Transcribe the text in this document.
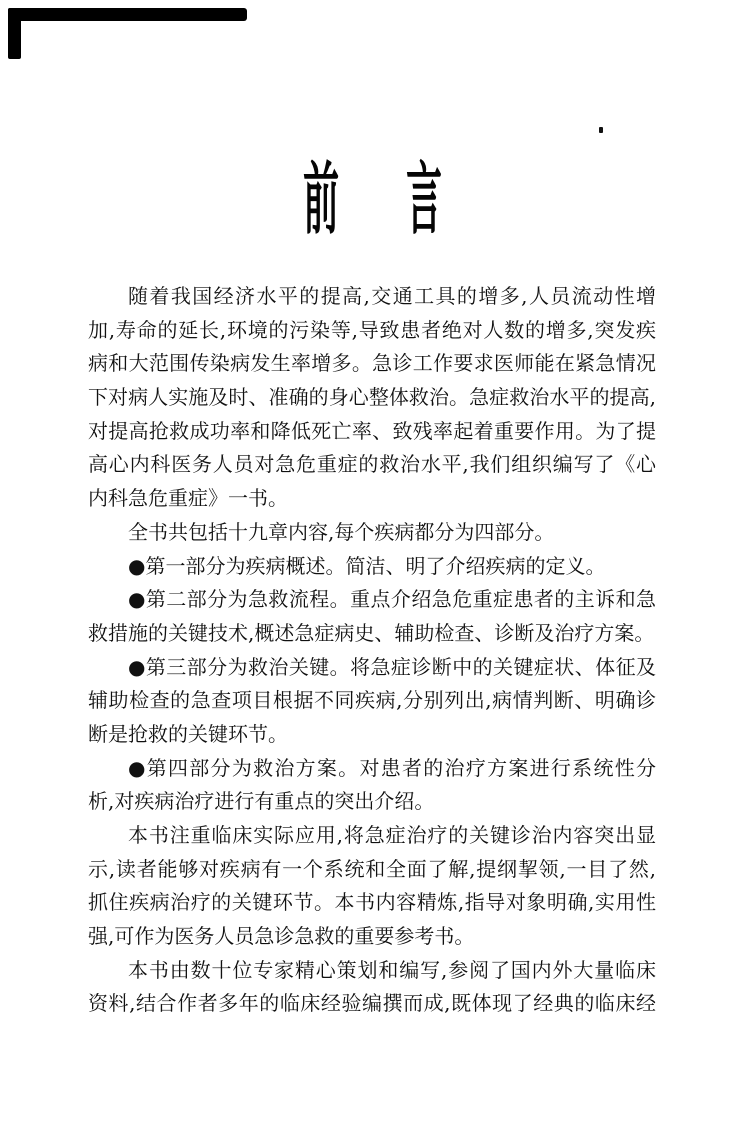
前 言
随着我国经济水平的提高,交通工具的增多,人员流动性增
加,寿命的延长,环境的污染等,导致患者绝对人数的增多,突发疾
病和大范围传染病发生率增多。急诊工作要求医师能在紧急情况
下对病人实施及时、准确的身心整体救治。急症救治水平的提高,
对提高抢救成功率和降低死亡率、致残率起着重要作用。为了提
高心内科医务人员对急危重症的救治水平,我们组织编写了《心
内科急危重症》一书。
全书共包括十九章内容,每个疾病都分为四部分。
●第一部分为疾病概述。简洁、明了介绍疾病的定义。
●第二部分为急救流程。重点介绍急危重症患者的主诉和急
救措施的关键技术,概述急症病史、辅助检查、诊断及治疗方案。
●第三部分为救治关键。将急症诊断中的关键症状、体征及
辅助检查的急查项目根据不同疾病,分别列出,病情判断、明确诊
断是抢救的关键环节。
●第四部分为救治方案。对患者的治疗方案进行系统性分
析,对疾病治疗进行有重点的突出介绍。
本书注重临床实际应用,将急症治疗的关键诊治内容突出显
示,读者能够对疾病有一个系统和全面了解,提纲挈领,一目了然,
抓住疾病治疗的关键环节。本书内容精炼,指导对象明确,实用性
强,可作为医务人员急诊急救的重要参考书。
本书由数十位专家精心策划和编写,参阅了国内外大量临床
资料,结合作者多年的临床经验编撰而成,既体现了经典的临床经
